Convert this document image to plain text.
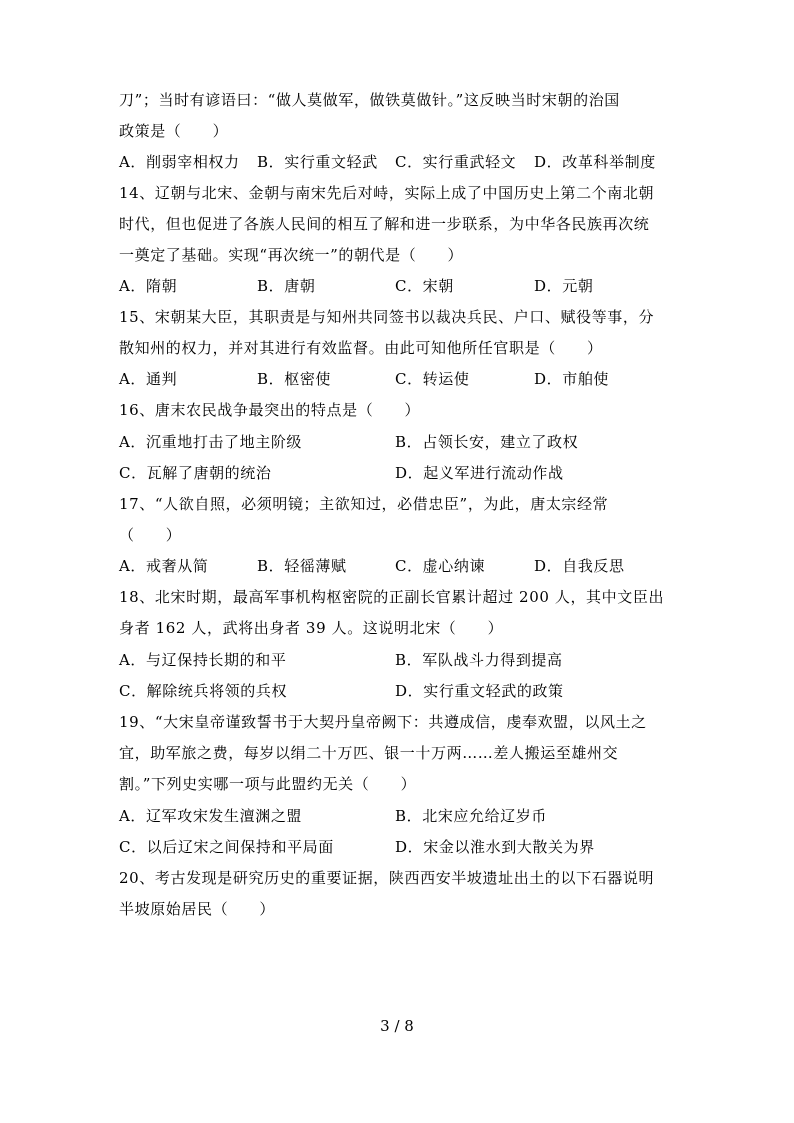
刀”；当时有谚语曰：“做人莫做军，做铁莫做针。”这反映当时宋朝的治国
政策是（　　）
A．削弱宰相权力 B．实行重文轻武 C．实行重武轻文 D．改革科举制度
14、辽朝与北宋、金朝与南宋先后对峙，实际上成了中国历史上第二个南北朝
时代，但也促进了各族人民间的相互了解和进一步联系，为中华各民族再次统
一奠定了基础。实现“再次统一”的朝代是（　　）
A．隋朝	B．唐朝	C．宋朝	D．元朝
15、宋朝某大臣，其职责是与知州共同签书以裁决兵民、户口、赋役等事，分
散知州的权力，并对其进行有效监督。由此可知他所任官职是（　　）
A．通判	B．枢密使	C．转运使	D．市舶使
16、唐末农民战争最突出的特点是（　　）
A．沉重地打击了地主阶级	B．占领长安，建立了政权
C．瓦解了唐朝的统治	D．起义军进行流动作战
17、“人欲自照，必须明镜；主欲知过，必借忠臣”，为此，唐太宗经常
（　　）
A．戒奢从简	B．轻徭薄赋	C．虚心纳谏	D．自我反思
18、北宋时期，最高军事机构枢密院的正副长官累计超过 200 人，其中文臣出
身者 162 人，武将出身者 39 人。这说明北宋（　　）
A．与辽保持长期的和平	B．军队战斗力得到提高
C．解除统兵将领的兵权	D．实行重文轻武的政策
19、“大宋皇帝谨致誓书于大契丹皇帝阙下：共遵成信，虔奉欢盟，以风土之
宜，助军旅之费，每岁以绢二十万匹、银一十万两……差人搬运至雄州交
割。”下列史实哪一项与此盟约无关（　　）
A．辽军攻宋发生澶渊之盟	B．北宋应允给辽岁币
C．以后辽宋之间保持和平局面	D．宋金以淮水到大散关为界
20、考古发现是研究历史的重要证据，陕西西安半坡遗址出土的以下石器说明
半坡原始居民（　　）
3 / 8
